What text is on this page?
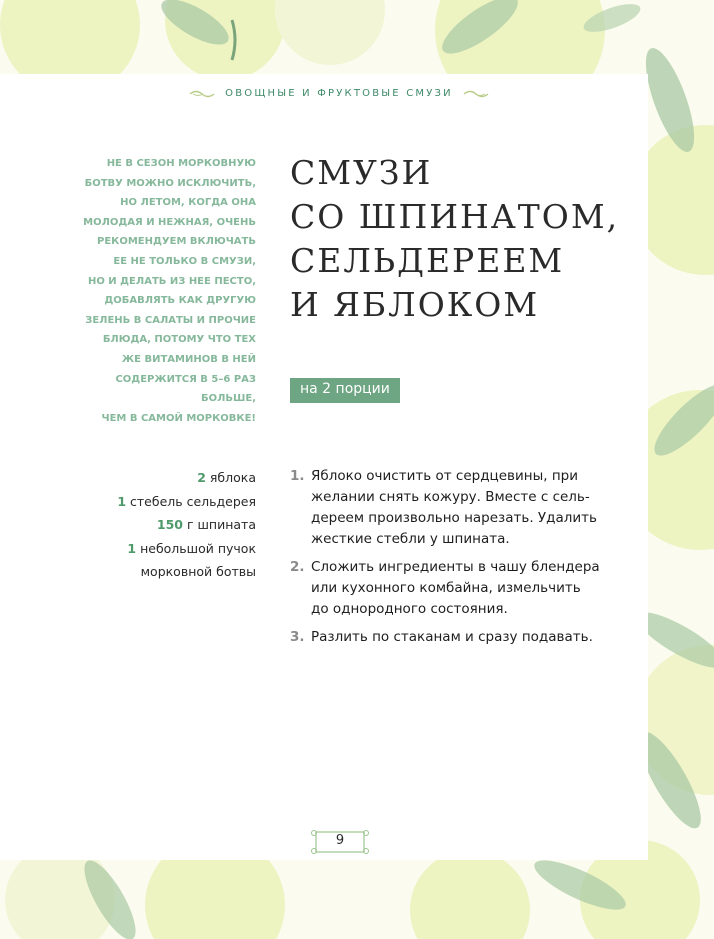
ОВОЩНЫЕ И ФРУКТОВЫЕ СМУЗИ
НЕ В СЕЗОН МОРКОВНУЮ
БОТВУ МОЖНО ИСКЛЮЧИТЬ,
НО ЛЕТОМ, КОГДА ОНА
МОЛОДАЯ И НЕЖНАЯ, ОЧЕНЬ
РЕКОМЕНДУЕМ ВКЛЮЧАТЬ
ЕЕ НЕ ТОЛЬКО В СМУЗИ,
НО И ДЕЛАТЬ ИЗ НЕЕ ПЕСТО,
ДОБАВЛЯТЬ КАК ДРУГУЮ
ЗЕЛЕНЬ В САЛАТЫ И ПРОЧИЕ
БЛЮДА, ПОТОМУ ЧТО ТЕХ
ЖЕ ВИТАМИНОВ В НЕЙ
СОДЕРЖИТСЯ В 5–6 РАЗ БОЛЬШЕ,
ЧЕМ В САМОЙ МОРКОВКЕ!
СМУЗИ
СО ШПИНАТОМ,
СЕЛЬДЕРЕЕМ
И ЯБЛОКОМ
на 2 порции

2 яблока

1 стебель сельдерея

150 г шпината

1 небольшой пучок
морковной ботвы

1. Яблоко очистить от сердцевины, при
желании снять кожуру. Вместе с сель-
дереем произвольно нарезать. Удалить
жесткие стебли у шпината.
2. Сложить ингредиенты в чашу блендера
или кухонного комбайна, измельчить
до однородного состояния.
3. Разлить по стаканам и сразу подавать.
9
